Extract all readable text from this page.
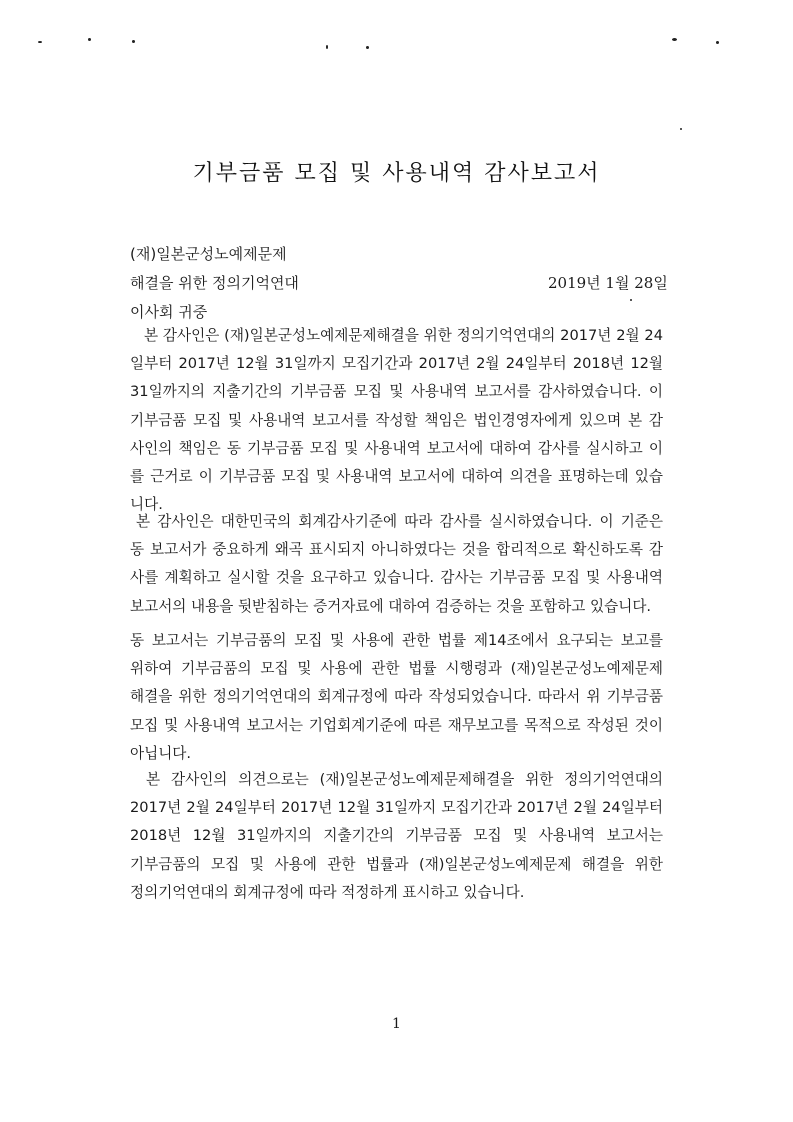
기부금품 모집 및 사용내역 감사보고서
(재)일본군성노예제문제
해결을 위한 정의기억연대
이사회 귀중
2019년 1월 28일
본 감사인은 (재)일본군성노예제문제해결을 위한 정의기억연대의 2017년 2월 24
일부터 2017년 12월 31일까지 모집기간과 2017년 2월 24일부터 2018년 12월
31일까지의 지출기간의 기부금품 모집 및 사용내역 보고서를 감사하였습니다. 이
기부금품 모집 및 사용내역 보고서를 작성할 책임은 법인경영자에게 있으며 본 감
사인의 책임은 동 기부금품 모집 및 사용내역 보고서에 대하여 감사를 실시하고 이
를 근거로 이 기부금품 모집 및 사용내역 보고서에 대하여 의견을 표명하는데 있습
니다.
본 감사인은 대한민국의 회계감사기준에 따라 감사를 실시하였습니다. 이 기준은
동 보고서가 중요하게 왜곡 표시되지 아니하였다는 것을 합리적으로 확신하도록 감
사를 계획하고 실시할 것을 요구하고 있습니다. 감사는 기부금품 모집 및 사용내역
보고서의 내용을 뒷받침하는 증거자료에 대하여 검증하는 것을 포함하고 있습니다.
동 보고서는 기부금품의 모집 및 사용에 관한 법률 제14조에서 요구되는 보고를
위하여 기부금품의 모집 및 사용에 관한 법률 시행령과 (재)일본군성노예제문제
해결을 위한 정의기억연대의 회계규정에 따라 작성되었습니다. 따라서 위 기부금품
모집 및 사용내역 보고서는 기업회계기준에 따른 재무보고를 목적으로 작성된 것이
아닙니다.
본 감사인의 의견으로는 (재)일본군성노예제문제해결을 위한 정의기억연대의
2017년 2월 24일부터 2017년 12월 31일까지 모집기간과 2017년 2월 24일부터
2018년 12월 31일까지의 지출기간의 기부금품 모집 및 사용내역 보고서는
기부금품의 모집 및 사용에 관한 법률과 (재)일본군성노예제문제 해결을 위한
정의기억연대의 회계규정에 따라 적정하게 표시하고 있습니다.
1
